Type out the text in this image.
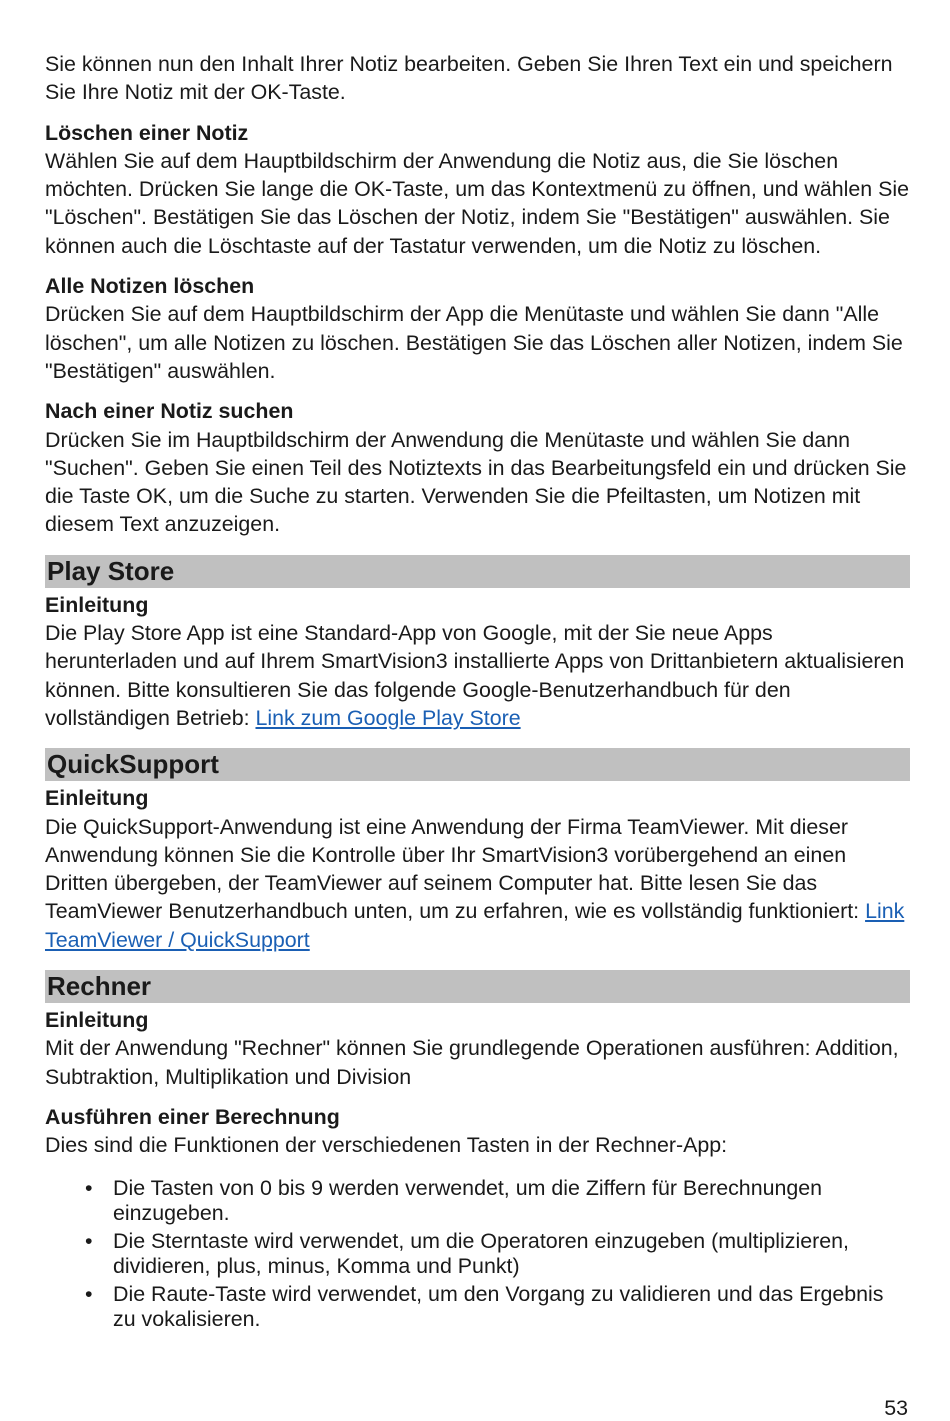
Sie können nun den Inhalt Ihrer Notiz bearbeiten. Geben Sie Ihren Text ein und speichern Sie Ihre Notiz mit der OK-Taste.

Löschen einer Notiz

Wählen Sie auf dem Hauptbildschirm der Anwendung die Notiz aus, die Sie löschen möchten. Drücken Sie lange die OK-Taste, um das Kontextmenü zu öffnen, und wählen Sie "Löschen". Bestätigen Sie das Löschen der Notiz, indem Sie "Bestätigen" auswählen. Sie können auch die Löschtaste auf der Tastatur verwenden, um die Notiz zu löschen.

Alle Notizen löschen

Drücken Sie auf dem Hauptbildschirm der App die Menütaste und wählen Sie dann "Alle löschen", um alle Notizen zu löschen. Bestätigen Sie das Löschen aller Notizen, indem Sie "Bestätigen" auswählen.

Nach einer Notiz suchen

Drücken Sie im Hauptbildschirm der Anwendung die Menütaste und wählen Sie dann "Suchen". Geben Sie einen Teil des Notiztexts in das Bearbeitungsfeld ein und drücken Sie die Taste OK, um die Suche zu starten. Verwenden Sie die Pfeiltasten, um Notizen mit diesem Text anzuzeigen.

Play Store

Einleitung

Die Play Store App ist eine Standard-App von Google, mit der Sie neue Apps herunterladen und auf Ihrem SmartVision3 installierte Apps von Drittanbietern aktualisieren können. Bitte konsultieren Sie das folgende Google-Benutzerhandbuch für den vollständigen Betrieb: Link zum Google Play Store

QuickSupport

Einleitung

Die QuickSupport-Anwendung ist eine Anwendung der Firma TeamViewer. Mit dieser Anwendung können Sie die Kontrolle über Ihr SmartVision3 vorübergehend an einen Dritten übergeben, der TeamViewer auf seinem Computer hat. Bitte lesen Sie das TeamViewer Benutzerhandbuch unten, um zu erfahren, wie es vollständig funktioniert: Link TeamViewer / QuickSupport

Rechner

Einleitung

Mit der Anwendung "Rechner" können Sie grundlegende Operationen ausführen: Addition, Subtraktion, Multiplikation und Division

Ausführen einer Berechnung

Dies sind die Funktionen der verschiedenen Tasten in der Rechner-App:

• Die Tasten von 0 bis 9 werden verwendet, um die Ziffern für Berechnungen einzugeben.
• Die Sterntaste wird verwendet, um die Operatoren einzugeben (multiplizieren, dividieren, plus, minus, Komma und Punkt)
• Die Raute-Taste wird verwendet, um den Vorgang zu validieren und das Ergebnis zu vokalisieren.
53
